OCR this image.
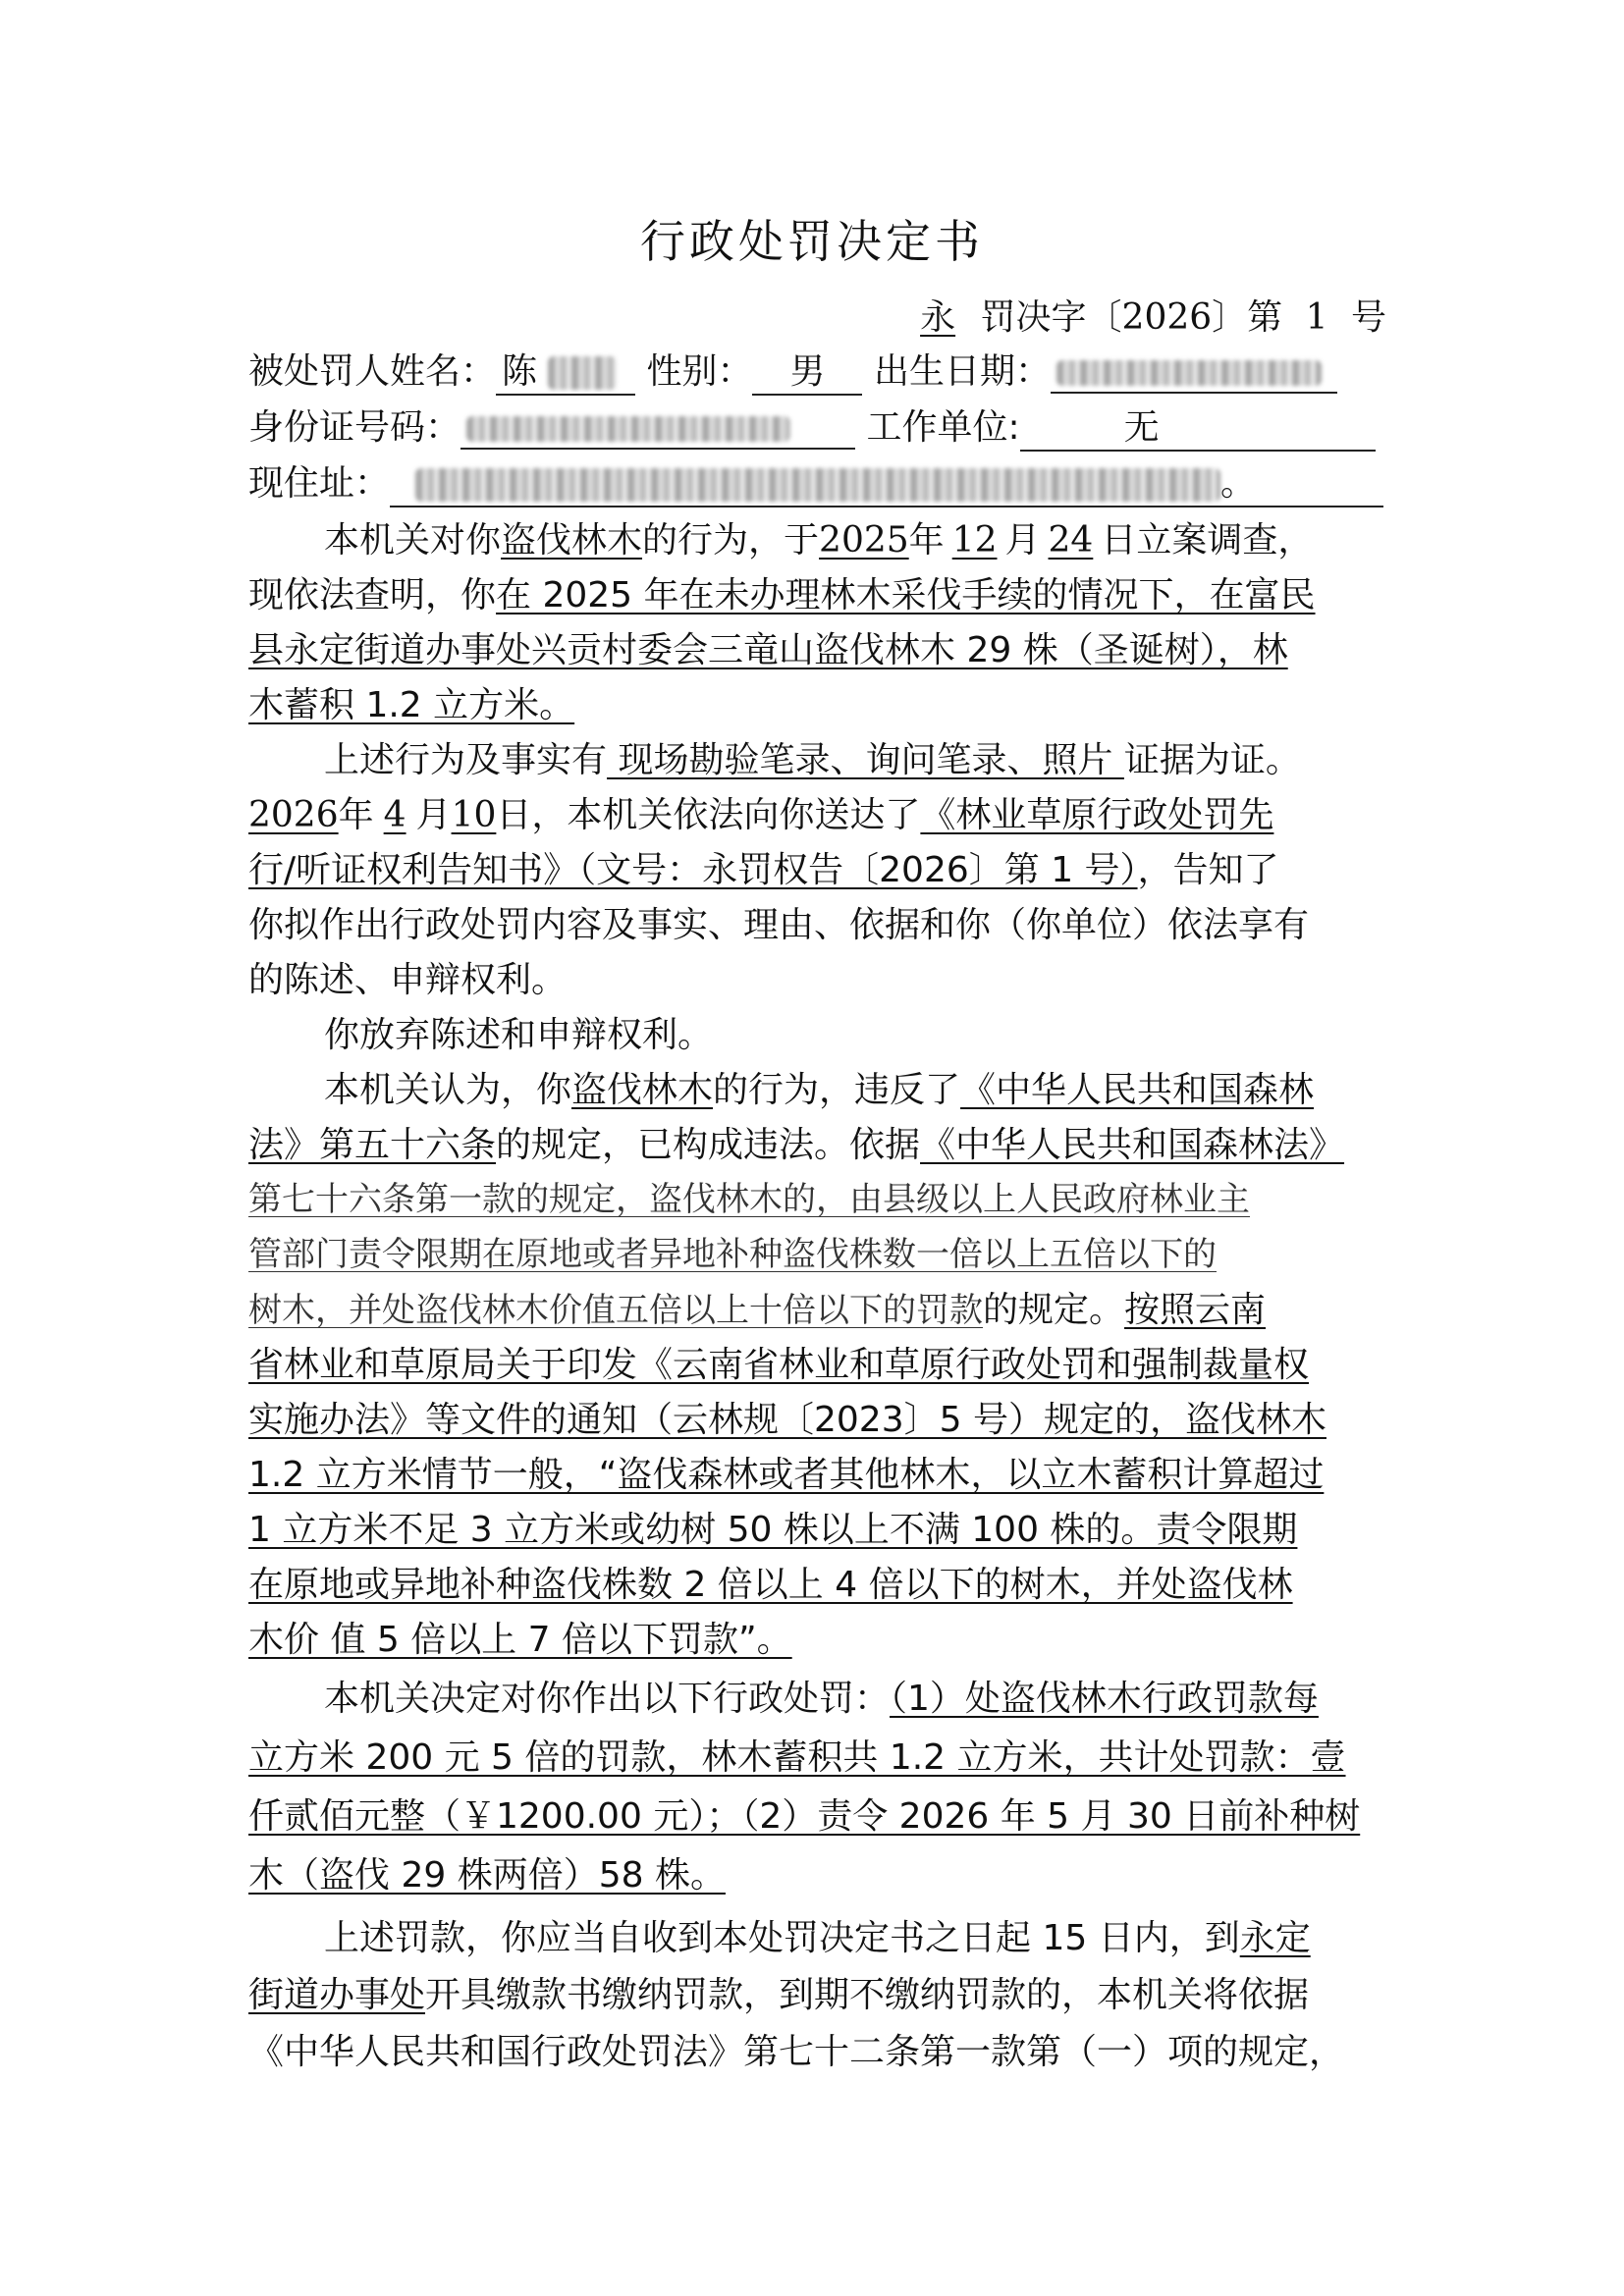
行政处罚决定书
永 罚决字〔2026〕第 1 号
被处罚人姓名： 陈	性别： 男 出生日期：
身份证号码：	工作单位:	无
现住址：	。
本机关对你盗伐林木的行为，于2025年 12 月 24 日立案调查，
现依法查明，你在 2025 年在未办理林木采伐手续的情况下，在富民
县永定街道办事处兴贡村委会三竜山盗伐林木 29 株（圣诞树），林
木蓄积 1.2 立方米。
上述行为及事实有 现场勘验笔录、询问笔录、照片 证据为证。
2026年 4 月10日，本机关依法向你送达了《林业草原行政处罚先
行/听证权利告知书》（文号：永罚权告〔2026〕第 1 号），告知了
你拟作出行政处罚内容及事实、理由、依据和你（你单位）依法享有
的陈述、申辩权利。
你放弃陈述和申辩权利。
本机关认为，你盗伐林木的行为，违反了《中华人民共和国森林
法》第五十六条的规定，已构成违法。依据《中华人民共和国森林法》
第七十六条第一款的规定，盗伐林木的，由县级以上人民政府林业主
管部门责令限期在原地或者异地补种盗伐株数一倍以上五倍以下的
树木，并处盗伐林木价值五倍以上十倍以下的罚款的规定。按照云南
省林业和草原局关于印发《云南省林业和草原行政处罚和强制裁量权
实施办法》等文件的通知（云林规〔2023〕5 号）规定的，盗伐林木
1.2 立方米情节一般，“盗伐森林或者其他林木，以立木蓄积计算超过
1 立方米不足 3 立方米或幼树 50 株以上不满 100 株的。责令限期
在原地或异地补种盗伐株数 2 倍以上 4 倍以下的树木，并处盗伐林
木价 值 5 倍以上 7 倍以下罚款”。
本机关决定对你作出以下行政处罚：（1）处盗伐林木行政罚款每
立方米 200 元 5 倍的罚款，林木蓄积共 1.2 立方米，共计处罚款：壹
仟贰佰元整（￥1200.00 元）；（2）责令 2026 年 5 月 30 日前补种树
木（盗伐 29 株两倍）58 株。
上述罚款，你应当自收到本处罚决定书之日起 15 日内，到永定
街道办事处开具缴款书缴纳罚款，到期不缴纳罚款的，本机关将依据
《中华人民共和国行政处罚法》第七十二条第一款第（一）项的规定，
